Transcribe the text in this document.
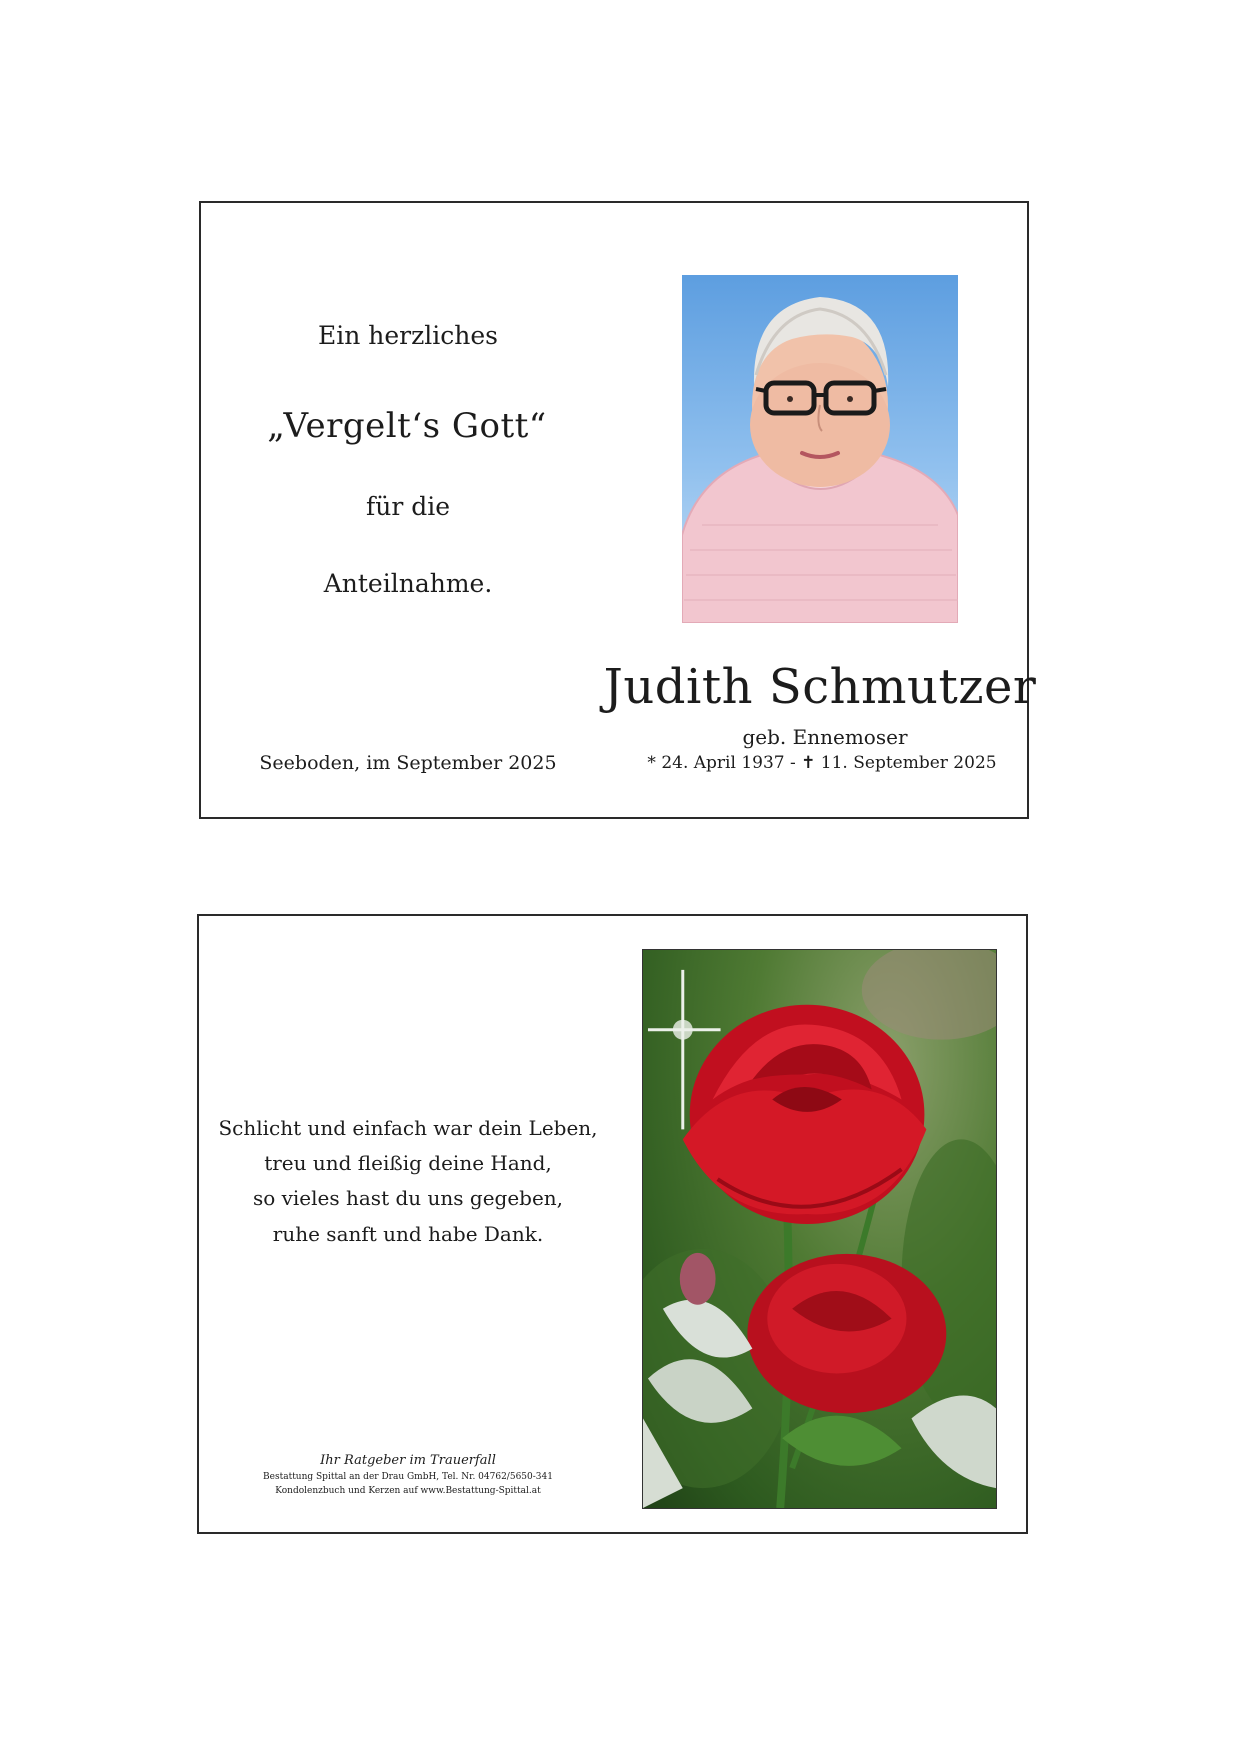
Ein herzliches
„Vergelt‘s Gott“
für die
Anteilnahme.
Seeboden, im September 2025
Judith Schmutzer
geb. Ennemoser
* 24. April 1937 - ✝ 11. September 2025
Schlicht und einfach war dein Leben,
treu und fleißig deine Hand,
so vieles hast du uns gegeben,
ruhe sanft und habe Dank.
Ihr Ratgeber im Trauerfall
Bestattung Spittal an der Drau GmbH, Tel. Nr. 04762/5650-341
Kondolenzbuch und Kerzen auf www.Bestattung-Spittal.at
